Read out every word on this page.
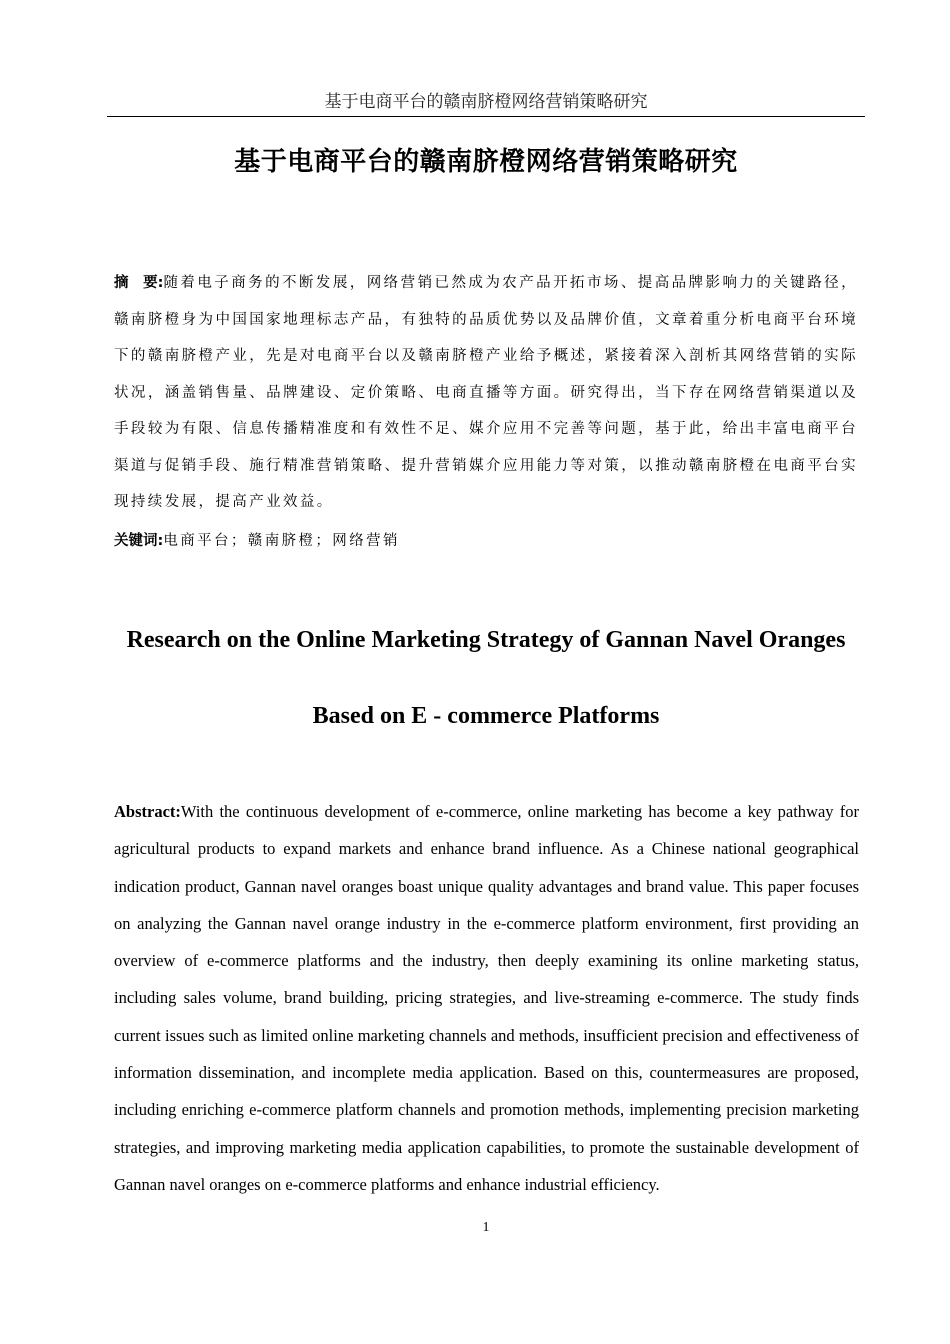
基于电商平台的赣南脐橙网络营销策略研究
基于电商平台的赣南脐橙网络营销策略研究

摘　要:随着电子商务的不断发展，网络营销已然成为农产品开拓市场、提高品牌影响力的关键路径，赣南脐橙身为中国国家地理标志产品，有独特的品质优势以及品牌价值，文章着重分析电商平台环境下的赣南脐橙产业，先是对电商平台以及赣南脐橙产业给予概述，紧接着深入剖析其网络营销的实际状况，涵盖销售量、品牌建设、定价策略、电商直播等方面。研究得出，当下存在网络营销渠道以及手段较为有限、信息传播精准度和有效性不足、媒介应用不完善等问题，基于此，给出丰富电商平台渠道与促销手段、施行精准营销策略、提升营销媒介应用能力等对策，以推动赣南脐橙在电商平台实现持续发展，提高产业效益。

关键词:电商平台；赣南脐橙；网络营销

Research on the Online Marketing Strategy of Gannan Navel Oranges
Based on E - commerce Platforms

Abstract:With the continuous development of e-commerce, online marketing has become a key pathway for agricultural products to expand markets and enhance brand influence. As a Chinese national geographical indication product, Gannan navel oranges boast unique quality advantages and brand value. This paper focuses on analyzing the Gannan navel orange industry in the e-commerce platform environment, first providing an overview of e-commerce platforms and the industry, then deeply examining its online marketing status, including sales volume, brand building, pricing strategies, and live-streaming e-commerce. The study finds current issues such as limited online marketing channels and methods, insufficient precision and effectiveness of information dissemination, and incomplete media application. Based on this, countermeasures are proposed, including enriching e-commerce platform channels and promotion methods, implementing precision marketing strategies, and improving marketing media application capabilities, to promote the sustainable development of Gannan navel oranges on e-commerce platforms and enhance industrial efficiency.

1
